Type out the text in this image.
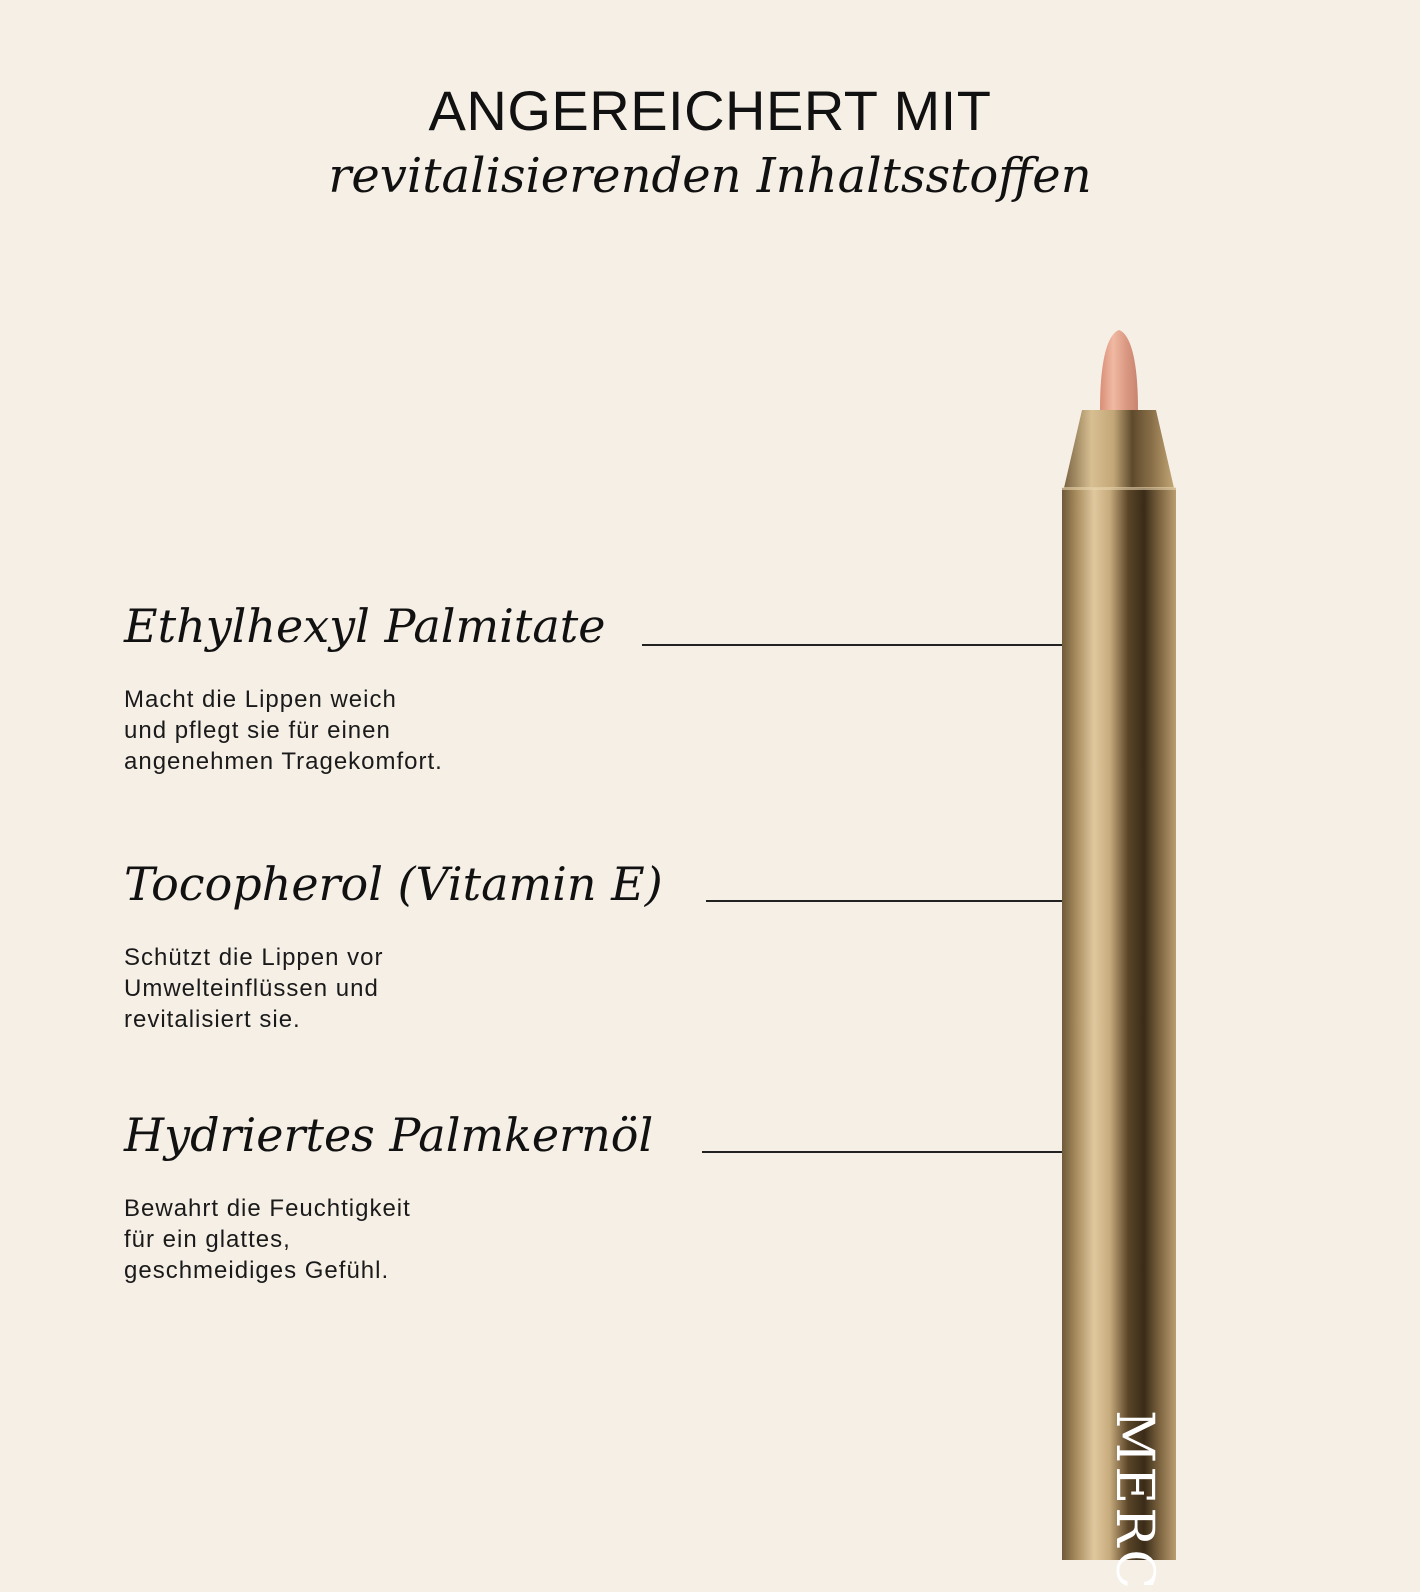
ANGEREICHERT MIT
revitalisierenden Inhaltsstoffen
Ethylhexyl Palmitate
Macht die Lippen weich
und pflegt sie für einen
angenehmen Tragekomfort.
Tocopherol (Vitamin E)
Schützt die Lippen vor
Umwelteinflüssen und
revitalisiert sie.
Hydriertes Palmkernöl
Bewahrt die Feuchtigkeit
für ein glattes,
geschmeidiges Gefühl.
MERC
